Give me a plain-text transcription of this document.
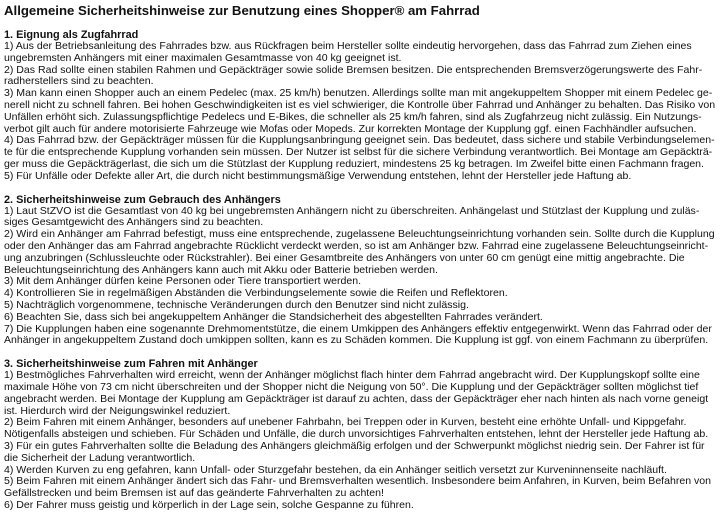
Allgemeine Sicherheitshinweise zur Benutzung eines Shopper® am Fahrrad
1. Eignung als Zugfahrrad
1) Aus der Betriebsanleitung des Fahrrades bzw. aus Rückfragen beim Hersteller sollte eindeutig hervorgehen, dass das Fahrrad zum Ziehen eines
ungebremsten Anhängers mit einer maximalen Gesamtmasse von 40 kg geeignet ist.
2) Das Rad sollte einen stabilen Rahmen und Gepäckträger sowie solide Bremsen besitzen. Die entsprechenden Bremsverzögerungswerte des Fahr-
radherstellers sind zu beachten.
3) Man kann einen Shopper auch an einem Pedelec (max. 25 km/h) benutzen. Allerdings sollte man mit angekuppeltem Shopper mit einem Pedelec ge-
nerell nicht zu schnell fahren. Bei hohen Geschwindigkeiten ist es viel schwieriger, die Kontrolle über Fahrrad und Anhänger zu behalten. Das Risiko von
Unfällen erhöht sich. Zulassungspflichtige Pedelecs und E-Bikes, die schneller als 25 km/h fahren, sind als Zugfahrzeug nicht zulässig. Ein Nutzungs-
verbot gilt auch für andere motorisierte Fahrzeuge wie Mofas oder Mopeds. Zur korrekten Montage der Kupplung ggf. einen Fachhändler aufsuchen.
4) Das Fahrrad bzw. der Gepäckträger müssen für die Kupplungsanbringung geeignet sein. Das bedeutet, dass sichere und stabile Verbindungselemen-
te für die entsprechende Kupplung vorhanden sein müssen. Der Nutzer ist selbst für die sichere Verbindung verantwortlich. Bei Montage am Gepäckträ-
ger muss die Gepäckträgerlast, die sich um die Stützlast der Kupplung reduziert, mindestens 25 kg betragen. Im Zweifel bitte einen Fachmann fragen.
5) Für Unfälle oder Defekte aller Art, die durch nicht bestimmungsmäßige Verwendung entstehen, lehnt der Hersteller jede Haftung ab.
2. Sicherheitshinweise zum Gebrauch des Anhängers
1) Laut StZVO ist die Gesamtlast von 40 kg bei ungebremsten Anhängern nicht zu überschreiten. Anhängelast und Stützlast der Kupplung und zuläs-
siges Gesamtgewicht des Anhängers sind zu beachten.
2) Wird ein Anhänger am Fahrrad befestigt, muss eine entsprechende, zugelassene Beleuchtungseinrichtung vorhanden sein. Sollte durch die Kupplung
oder den Anhänger das am Fahrrad angebrachte Rücklicht verdeckt werden, so ist am Anhänger bzw. Fahrrad eine zugelassene Beleuchtungseinricht-
ung anzubringen (Schlussleuchte oder Rückstrahler). Bei einer Gesamtbreite des Anhängers von unter 60 cm genügt eine mittig angebrachte. Die
Beleuchtungseinrichtung des Anhängers kann auch mit Akku oder Batterie betrieben werden.
3) Mit dem Anhänger dürfen keine Personen oder Tiere transportiert werden.
4) Kontrollieren Sie in regelmäßigen Abständen die Verbindungselemente sowie die Reifen und Reflektoren.
5) Nachträglich vorgenommene, technische Veränderungen durch den Benutzer sind nicht zulässig.
6) Beachten Sie, dass sich bei angekuppeltem Anhänger die Standsicherheit des abgestellten Fahrrades verändert.
7) Die Kupplungen haben eine sogenannte Drehmomentstütze, die einem Umkippen des Anhängers effektiv entgegenwirkt. Wenn das Fahrrad oder der
Anhänger in angekuppeltem Zustand doch umkippen sollten, kann es zu Schäden kommen. Die Kupplung ist ggf. von einem Fachmann zu überprüfen.
3. Sicherheitshinweise zum Fahren mit Anhänger
1) Bestmögliches Fahrverhalten wird erreicht, wenn der Anhänger möglichst flach hinter dem Fahrrad angebracht wird. Der Kupplungskopf sollte eine
maximale Höhe von 73 cm nicht überschreiten und der Shopper nicht die Neigung von 50°. Die Kupplung und der Gepäckträger sollten möglichst tief
angebracht werden. Bei Montage der Kupplung am Gepäckträger ist darauf zu achten, dass der Gepäckträger eher nach hinten als nach vorne geneigt
ist. Hierdurch wird der Neigungswinkel reduziert.
2) Beim Fahren mit einem Anhänger, besonders auf unebener Fahrbahn, bei Treppen oder in Kurven, besteht eine erhöhte Unfall- und Kippgefahr.
Nötigenfalls absteigen und schieben. Für Schäden und Unfälle, die durch unvorsichtiges Fahrverhalten entstehen, lehnt der Hersteller jede Haftung ab.
3) Für ein gutes Fahrverhalten sollte die Beladung des Anhängers gleichmäßig erfolgen und der Schwerpunkt möglichst niedrig sein. Der Fahrer ist für
die Sicherheit der Ladung verantwortlich.
4) Werden Kurven zu eng gefahren, kann Unfall- oder Sturzgefahr bestehen, da ein Anhänger seitlich versetzt zur Kurveninnenseite nachläuft.
5) Beim Fahren mit einem Anhänger ändert sich das Fahr- und Bremsverhalten wesentlich. Insbesondere beim Anfahren, in Kurven, beim Befahren von
Gefällstrecken und beim Bremsen ist auf das geänderte Fahrverhalten zu achten!
6) Der Fahrer muss geistig und körperlich in der Lage sein, solche Gespanne zu führen.
